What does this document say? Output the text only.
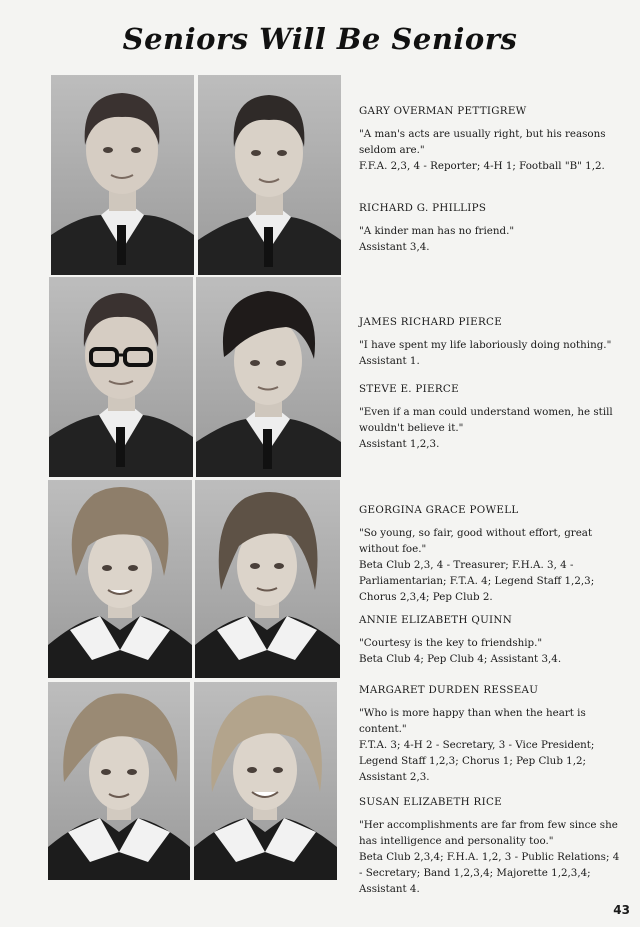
Seniors Will Be Seniors
GARY OVERMAN PETTIGREW

"A man's acts are usually right, but his reasons seldom are."

F.F.A. 2,3, 4 - Reporter; 4-H 1; Football "B" 1,2.

RICHARD G. PHILLIPS

"A kinder man has no friend."

Assistant 3,4.

JAMES RICHARD PIERCE

"I have spent my life laboriously doing nothing."

Assistant 1.

STEVE E. PIERCE

"Even if a man could understand women, he still wouldn't believe it."

Assistant 1,2,3.

GEORGINA GRACE POWELL

"So young, so fair, good without effort, great without foe."

Beta Club 2,3, 4 - Treasurer; F.H.A. 3, 4 - Parliamentarian; F.T.A. 4; Legend Staff 1,2,3; Chorus 2,3,4; Pep Club 2.

ANNIE ELIZABETH QUINN

"Courtesy is the key to friendship."

Beta Club 4; Pep Club 4; Assistant 3,4.

MARGARET DURDEN RESSEAU

"Who is more happy than when the heart is content."

F.T.A. 3; 4-H 2 - Secretary, 3 - Vice President; Legend Staff 1,2,3; Chorus 1; Pep Club 1,2; Assistant 2,3.

SUSAN ELIZABETH RICE

"Her accomplishments are far from few since she has intelligence and personality too."

Beta Club 2,3,4; F.H.A. 1,2, 3 - Public Relations; 4 - Secretary; Band 1,2,3,4; Majorette 1,2,3,4; Assistant 4.

43
